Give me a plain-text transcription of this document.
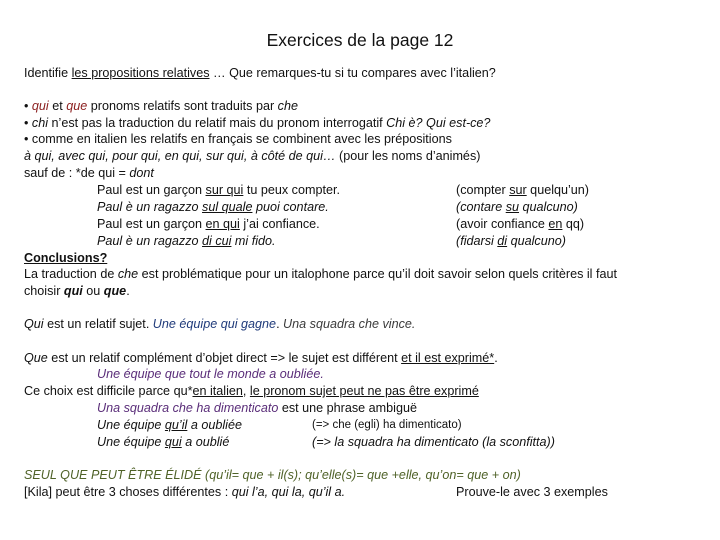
Exercices de la page 12
Identifie les propositions relatives … Que remarques-tu si tu compares avec l’italien?
• qui et que pronoms relatifs sont traduits par che
• chi n’est pas la traduction du relatif mais du pronom interrogatif Chi è? Qui est-ce?
• comme en italien les relatifs en français se combinent avec les prépositions
à qui, avec qui, pour qui, en qui, sur qui, à côté de qui… (pour les noms d’animés)
sauf de : *de qui = dont
Paul est un garçon sur qui tu peux compter.	(compter sur quelqu’un)
Paul è un ragazzo sul quale puoi contare.	(contare su qualcuno)
Paul est un garçon en qui j’ai confiance.	(avoir confiance en qq)
Paul è un ragazzo di cui mi fido.	(fidarsi di qualcuno)
Conclusions?
La traduction de che est problématique pour un italophone parce qu’il doit savoir selon quels critères il faut
choisir qui ou que.
Qui est un relatif sujet. Une équipe qui gagne. Una squadra che vince.
Que est un relatif complément d’objet direct => le sujet est différent et il est exprimé*.
Une équipe que tout le monde a oubliée.
Ce choix est difficile parce qu*en italien, le pronom sujet peut ne pas être exprimé
Una squadra che ha dimenticato est une phrase ambiguë
Une équipe qu’il a oubliée	(=> che (egli) ha dimenticato)
Une équipe qui a oublié	(=> la squadra ha dimenticato (la sconfitta))
SEUL QUE PEUT ÊTRE ÉLIDÉ (qu’il= que + il(s); qu’elle(s)= que +elle, qu’on= que + on)
[Kila] peut être 3 choses différentes : qui l’a, qui la, qu’il a.	Prouve-le avec 3 exemples
